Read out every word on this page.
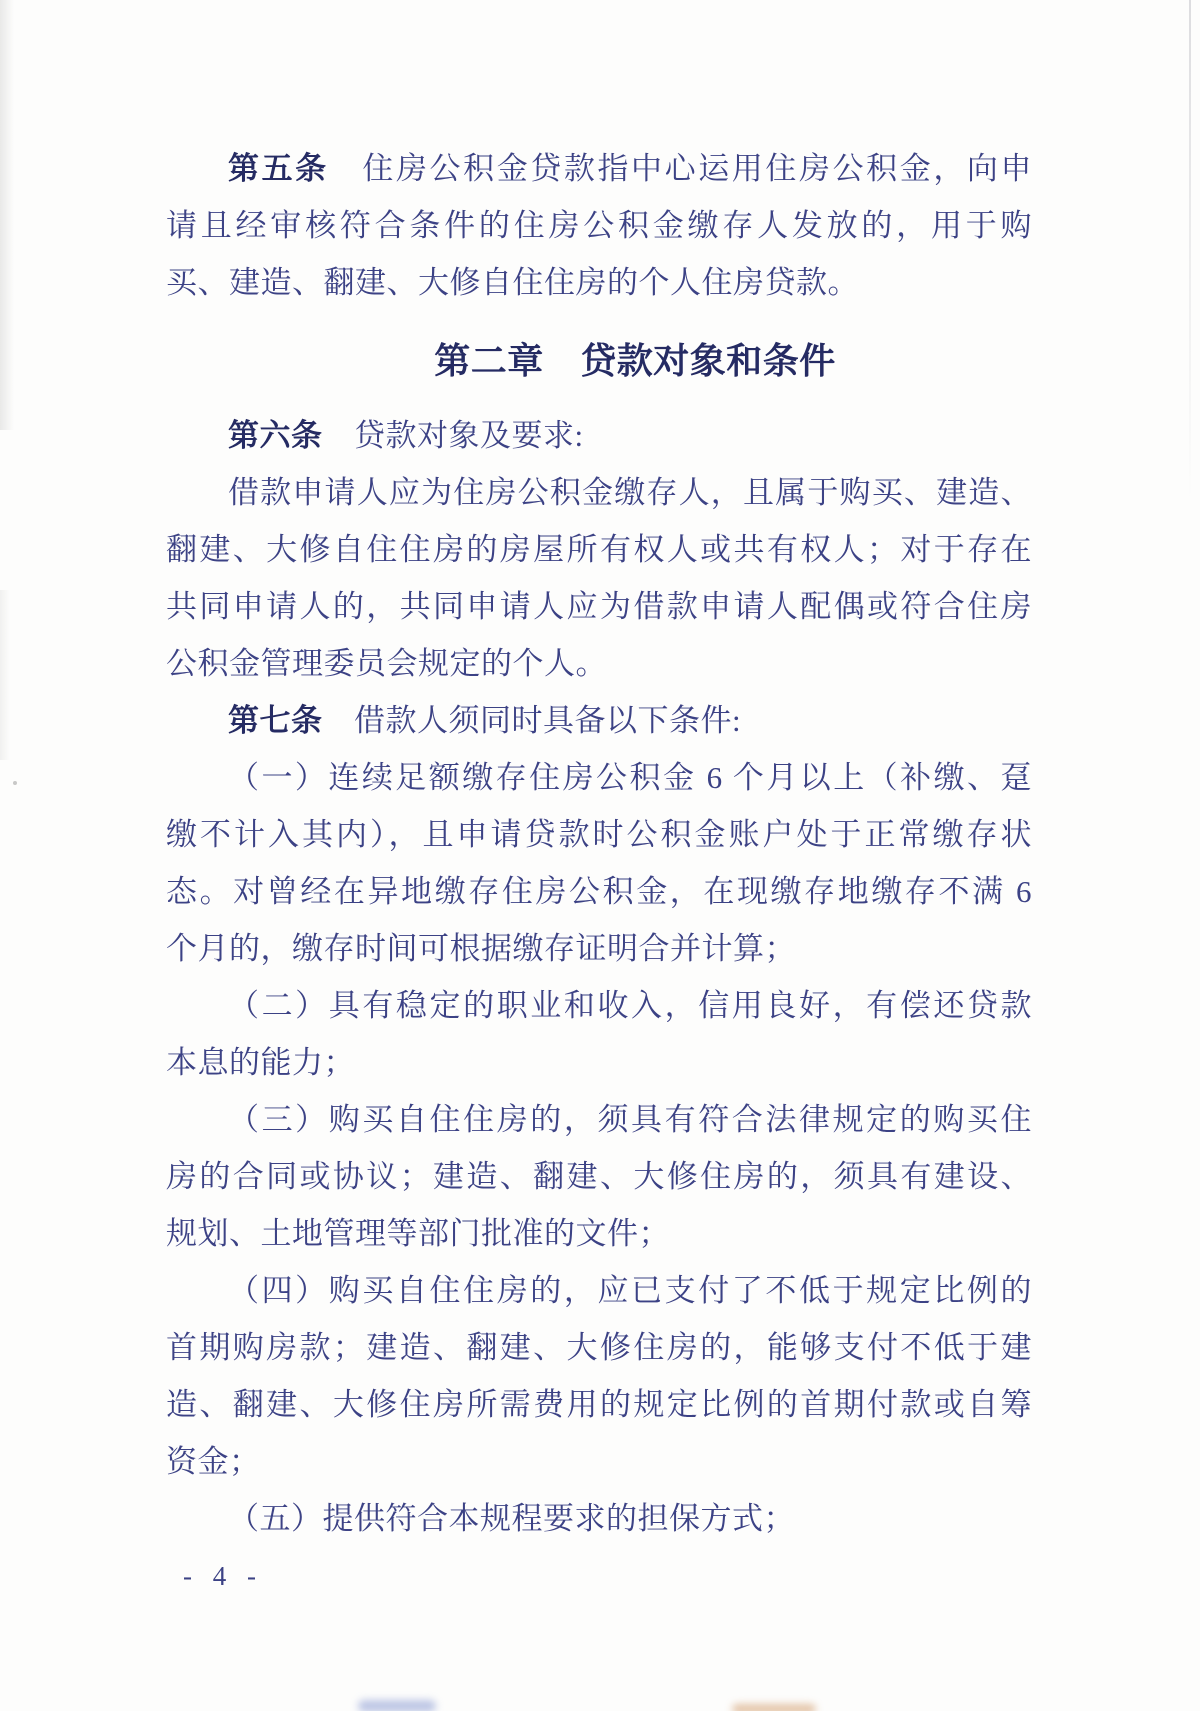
第五条　住房公积金贷款指中心运用住房公积金，向申
请且经审核符合条件的住房公积金缴存人发放的，用于购
买、建造、翻建、大修自住住房的个人住房贷款。
第二章　贷款对象和条件
第六条　贷款对象及要求:
借款申请人应为住房公积金缴存人，且属于购买、建造、
翻建、大修自住住房的房屋所有权人或共有权人；对于存在
共同申请人的，共同申请人应为借款申请人配偶或符合住房
公积金管理委员会规定的个人。
第七条　借款人须同时具备以下条件:
（一）连续足额缴存住房公积金 6 个月以上（补缴、趸
缴不计入其内），且申请贷款时公积金账户处于正常缴存状
态。对曾经在异地缴存住房公积金，在现缴存地缴存不满 6
个月的，缴存时间可根据缴存证明合并计算；
（二）具有稳定的职业和收入，信用良好，有偿还贷款
本息的能力；
（三）购买自住住房的，须具有符合法律规定的购买住
房的合同或协议；建造、翻建、大修住房的，须具有建设、
规划、土地管理等部门批准的文件；
（四）购买自住住房的，应已支付了不低于规定比例的
首期购房款；建造、翻建、大修住房的，能够支付不低于建
造、翻建、大修住房所需费用的规定比例的首期付款或自筹
资金；
（五）提供符合本规程要求的担保方式；
- 4 -
